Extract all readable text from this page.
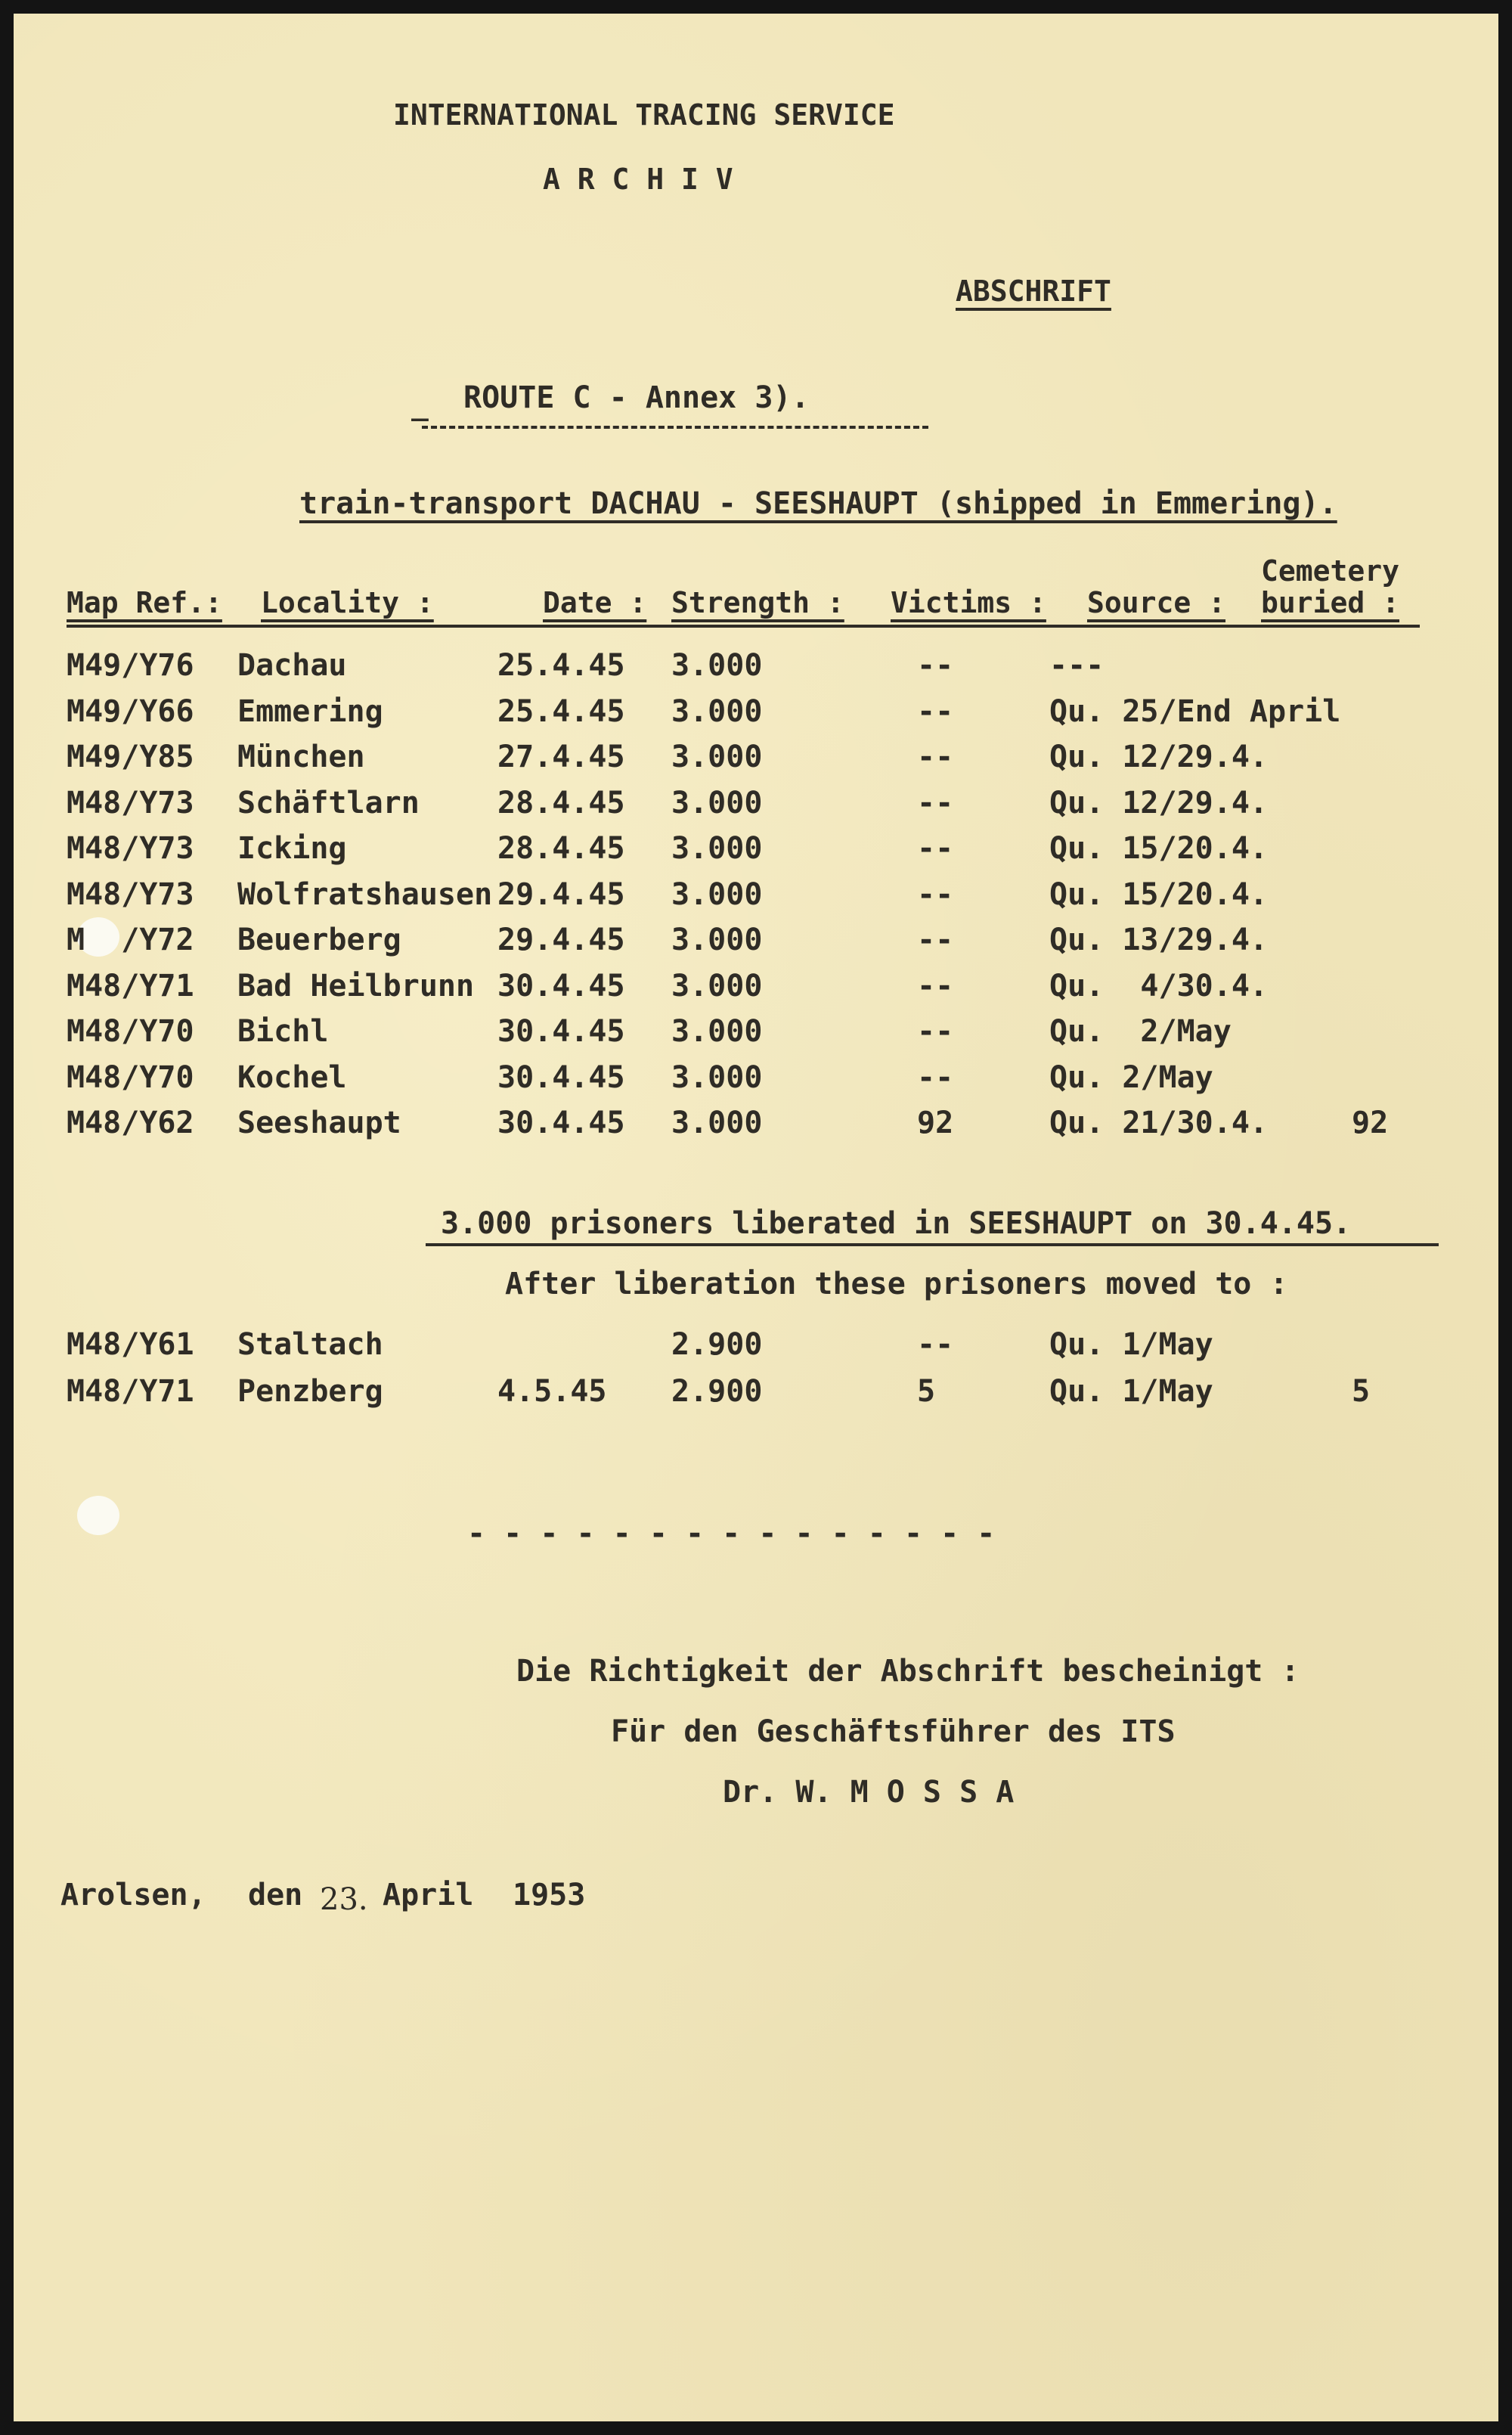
INTERNATIONAL TRACING SERVICE
A R C H I V
ABSCHRIFT
_ ROUTE C - Annex 3).
train-transport DACHAU - SEESHAUPT (shipped in Emmering).
Cemetery
Map Ref.: Locality :	Date : Strength : Victims : Source : buried :
M49/Y76 Dachau	25.4.45 3.000	--	---
M49/Y66 Emmering	25.4.45 3.000	--	Qu. 25/End April
M49/Y85 München	27.4.45 3.000	--	Qu. 12/29.4.
M48/Y73 Schäftlarn	28.4.45 3.000	--	Qu. 12/29.4.
M48/Y73 Icking	28.4.45 3.000	--	Qu. 15/20.4.
M48/Y73 Wolfratshausen 29.4.45 3.000	--	Qu. 15/20.4.
M  /Y72 Beuerberg	29.4.45 3.000	--	Qu. 13/29.4.
M48/Y71 Bad Heilbrunn 30.4.45 3.000	--	Qu.  4/30.4.
M48/Y70 Bichl	30.4.45 3.000	--	Qu.  2/May
M48/Y70 Kochel	30.4.45 3.000	--	Qu. 2/May
M48/Y62 Seeshaupt	30.4.45 3.000	92	Qu. 21/30.4.	92
3.000 prisoners liberated in SEESHAUPT on 30.4.45.
After liberation these prisoners moved to :
M48/Y61 Staltach	2.900	--	Qu. 1/May
M48/Y71 Penzberg	4.5.45 2.900	5	Qu. 1/May	5
- - - - - - - - - - - - - - -
Die Richtigkeit der Abschrift bescheinigt :
Für den Geschäftsführer des ITS
Dr. W. M O S S A
Arolsen, den 23. April 1953
